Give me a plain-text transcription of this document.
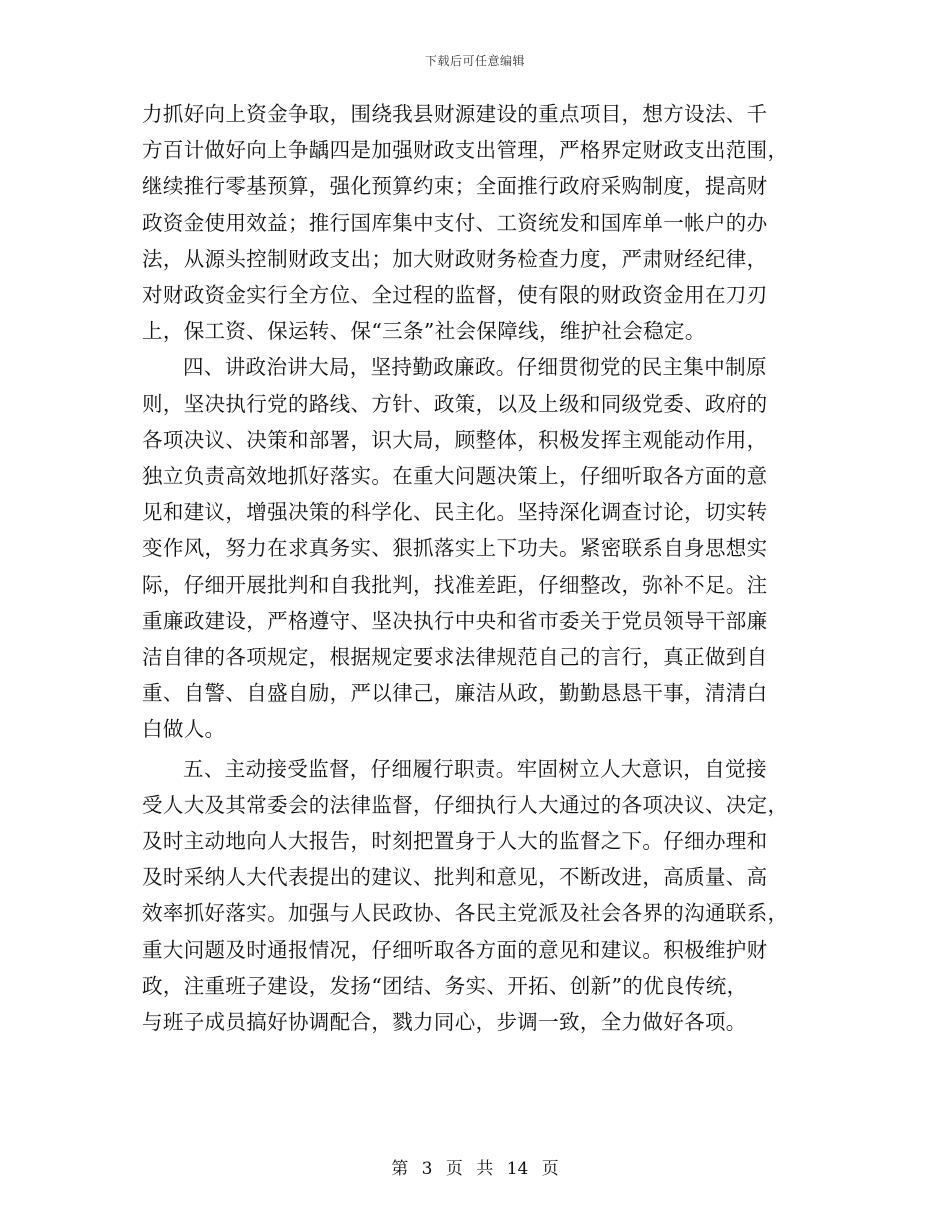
下载后可任意编辑
力抓好向上资金争取，围绕我县财源建设的重点项目，想方设法、千
方百计做好向上争龋四是加强财政支出管理，严格界定财政支出范围，
继续推行零基预算，强化预算约束；全面推行政府采购制度，提高财
政资金使用效益；推行国库集中支付、工资统发和国库单一帐户的办
法，从源头控制财政支出；加大财政财务检查力度，严肃财经纪律，
对财政资金实行全方位、全过程的监督，使有限的财政资金用在刀刃
上，保工资、保运转、保“三条”社会保障线，维护社会稳定。
四、讲政治讲大局，坚持勤政廉政。仔细贯彻党的民主集中制原
则，坚决执行党的路线、方针、政策，以及上级和同级党委、政府的
各项决议、决策和部署，识大局，顾整体，积极发挥主观能动作用，
独立负责高效地抓好落实。在重大问题决策上，仔细听取各方面的意
见和建议，增强决策的科学化、民主化。坚持深化调查讨论，切实转
变作风，努力在求真务实、狠抓落实上下功夫。紧密联系自身思想实
际，仔细开展批判和自我批判，找准差距，仔细整改，弥补不足。注
重廉政建设，严格遵守、坚决执行中央和省市委关于党员领导干部廉
洁自律的各项规定，根据规定要求法律规范自己的言行，真正做到自
重、自警、自盛自励，严以律己，廉洁从政，勤勤恳恳干事，清清白
白做人。
五、主动接受监督，仔细履行职责。牢固树立人大意识，自觉接
受人大及其常委会的法律监督，仔细执行人大通过的各项决议、决定，
及时主动地向人大报告，时刻把置身于人大的监督之下。仔细办理和
及时采纳人大代表提出的建议、批判和意见，不断改进，高质量、高
效率抓好落实。加强与人民政协、各民主党派及社会各界的沟通联系，
重大问题及时通报情况，仔细听取各方面的意见和建议。积极维护财
政，注重班子建设，发扬“团结、务实、开拓、创新”的优良传统，
与班子成员搞好协调配合，戮力同心，步调一致，全力做好各项。
第 3 页 共 14 页
